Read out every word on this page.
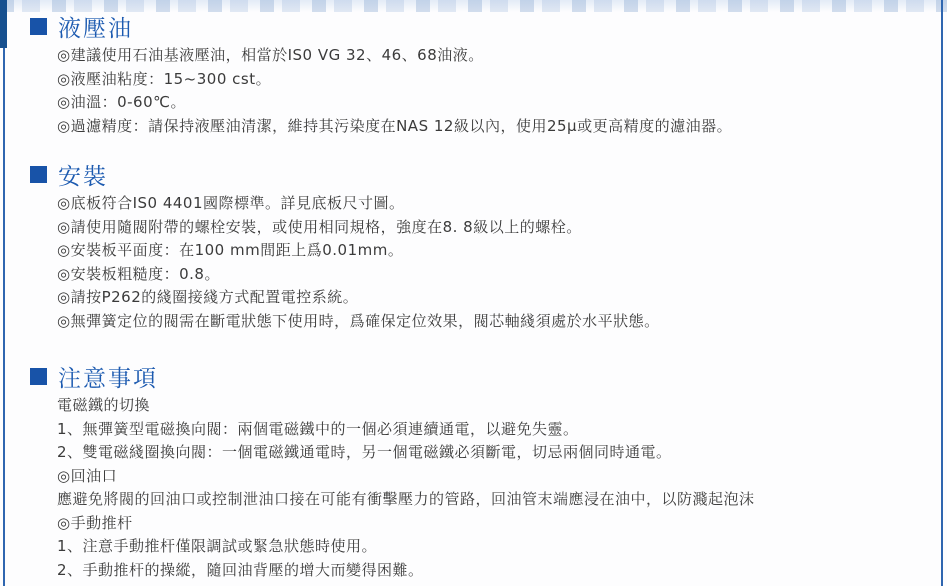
液壓油
◎建議使用石油基液壓油，相當於IS0 VG 32、46、68油液。
◎液壓油粘度：15~300 cst。
◎油溫：0-60℃。
◎過濾精度：請保持液壓油清潔，維持其污染度在NAS 12級以內，使用25μ或更高精度的濾油器。
安裝
◎底板符合IS0 4401國際標準。詳見底板尺寸圖。
◎請使用隨閥附帶的螺栓安裝，或使用相同規格，強度在8. 8級以上的螺栓。
◎安裝板平面度：在100 mm間距上爲0.01mm。
◎安裝板粗糙度：0.8。
◎請按P262的綫圈接綫方式配置電控系統。
◎無彈簧定位的閥需在斷電狀態下使用時，爲確保定位效果，閥芯軸綫須處於水平狀態。
注意事項
電磁鐵的切換
1、無彈簧型電磁換向閥：兩個電磁鐵中的一個必須連續通電，以避免失靈。
2、雙電磁綫圈換向閥：一個電磁鐵通電時，另一個電磁鐵必須斷電，切忌兩個同時通電。
◎回油口
應避免將閥的回油口或控制泄油口接在可能有衝擊壓力的管路，回油管末端應浸在油中，以防濺起泡沫
◎手動推杆
1、注意手動推杆僅限調試或緊急狀態時使用。
2、手動推杆的操縱，隨回油背壓的增大而變得困難。
